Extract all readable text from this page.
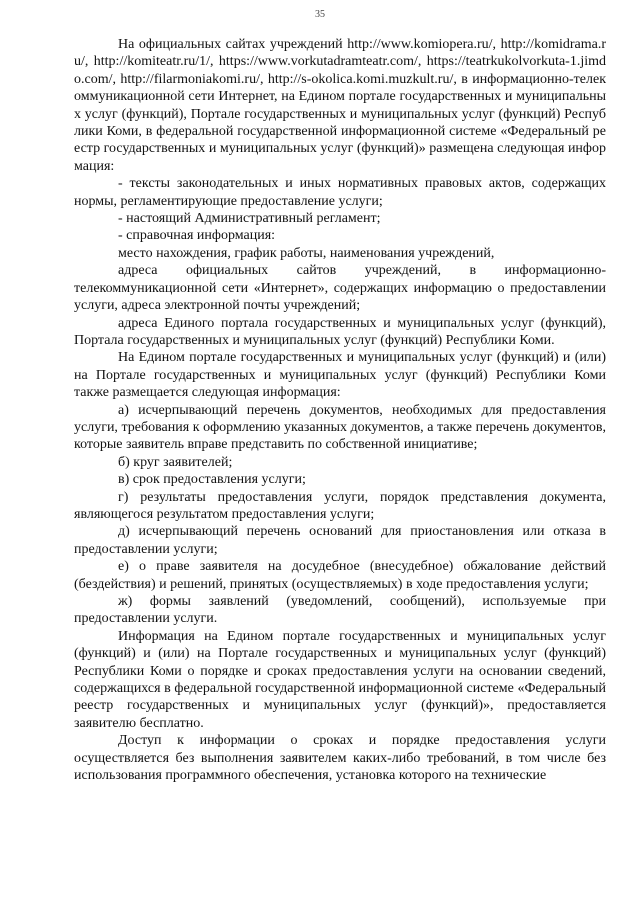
35

На официальных сайтах учреждений http://www.komiopera.ru/, http://komidrama.ru/, http://komiteatr.ru/1/, https://www.vorkutadramteatr.com/, https://teatrkukolvorkuta-1.jimdo.com/, http://filarmoniakomi.ru/, http://s-okolica.komi.muzkult.ru/, в информационно-телекоммуникационной сети Интернет, на Едином портале государственных и муниципальных услуг (функций), Портале государственных и муниципальных услуг (функций) Республики Коми, в федеральной государственной информационной системе «Федеральный реестр государственных и муниципальных услуг (функций)» размещена следующая информация:

- тексты законодательных и иных нормативных правовых актов, содержащих нормы, регламентирующие предоставление услуги;

- настоящий Административный регламент;

- справочная информация:

место нахождения, график работы, наименования учреждений,

адреса официальных сайтов учреждений, в информационно-телекоммуникационной сети «Интернет», содержащих информацию о предоставлении услуги, адреса электронной почты учреждений;

адреса Единого портала государственных и муниципальных услуг (функций), Портала государственных и муниципальных услуг (функций) Республики Коми.

На Едином портале государственных и муниципальных услуг (функций) и (или) на Портале государственных и муниципальных услуг (функций) Республики Коми также размещается следующая информация:

а) исчерпывающий перечень документов, необходимых для предоставления услуги, требования к оформлению указанных документов, а также перечень документов, которые заявитель вправе представить по собственной инициативе;

б) круг заявителей;

в) срок предоставления услуги;

г) результаты предоставления услуги, порядок представления документа, являющегося результатом предоставления услуги;

д) исчерпывающий перечень оснований для приостановления или отказа в предоставлении услуги;

е) о праве заявителя на досудебное (внесудебное) обжалование действий (бездействия) и решений, принятых (осуществляемых) в ходе предоставления услуги;

ж) формы заявлений (уведомлений, сообщений), используемые при предоставлении услуги.

Информация на Едином портале государственных и муниципальных услуг (функций) и (или) на Портале государственных и муниципальных услуг (функций) Республики Коми о порядке и сроках предоставления услуги на основании сведений, содержащихся в федеральной государственной информационной системе «Федеральный реестр государственных и муниципальных услуг (функций)», предоставляется заявителю бесплатно.

Доступ к информации о сроках и порядке предоставления услуги осуществляется без выполнения заявителем каких-либо требований, в том числе без использования программного обеспечения, установка которого на технические
